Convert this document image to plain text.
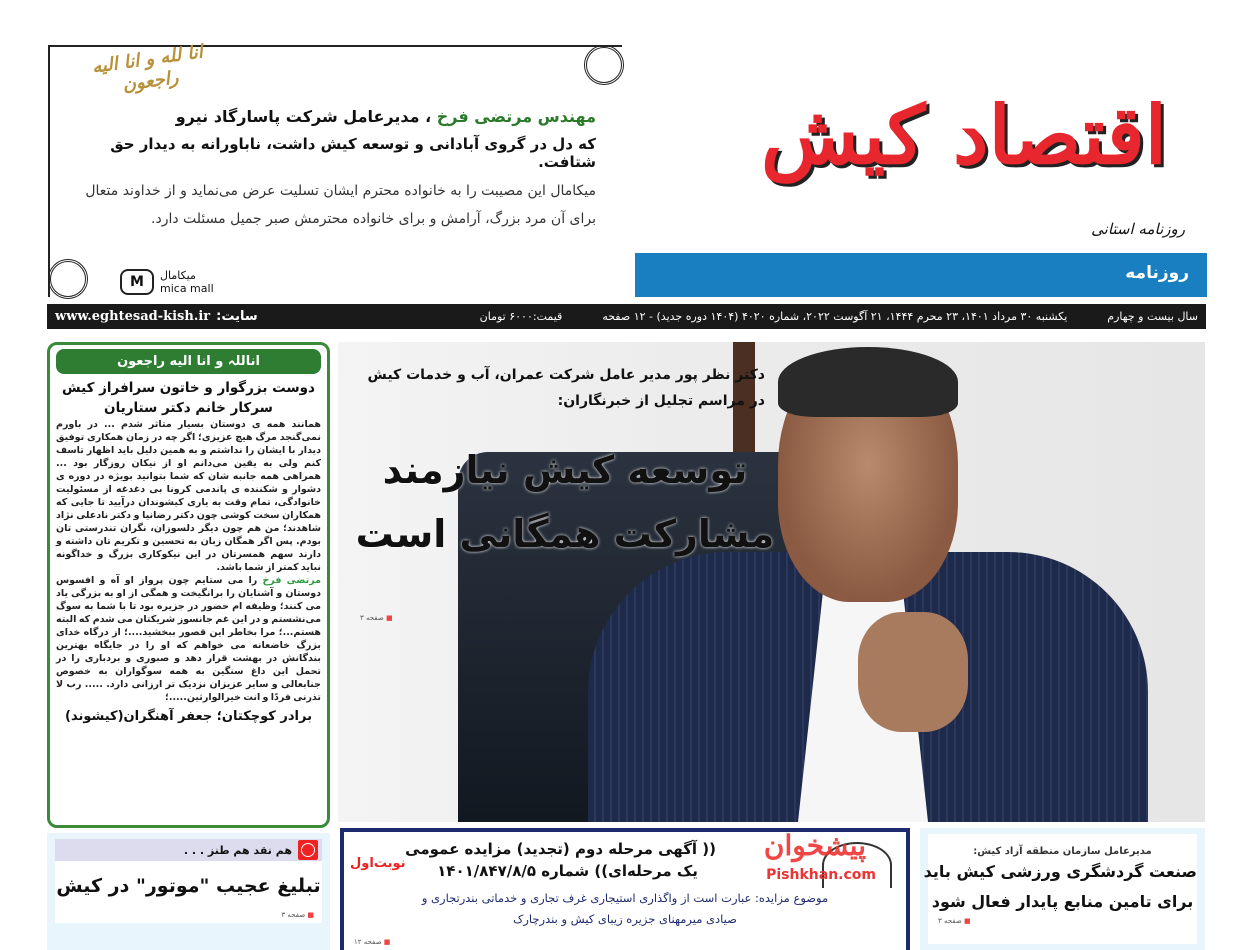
انا لله و انا الیه راجعون
مهندس مرتضی فرخ ، مدیرعامل شرکت پاسارگاد نیرو
که دل در گروی آبادانی و توسعه کیش داشت، ناباورانه به دیدار حق شتافت.
میکامال این مصیبت را به خانواده محترم ایشان تسلیت عرض می‌نماید و از خداوند متعال برای آن مرد بزرگ، آرامش و برای خانواده محترمش صبر جمیل مسئلت دارد.
M	میکامال
mica mall
روزنامه
اقتصاد کیش
روزنامه استانی
سال بیست و چهارم
یکشنبه ۳۰ مرداد ۱۴۰۱، ۲۳ محرم ۱۴۴۴، ۲۱ آگوست ۲۰۲۲، شماره ۴۰۲۰ (۱۴۰۴ دوره جدید) - ۱۲ صفحه
قیمت:۶۰۰۰ تومان
سایت:
www.eghtesad-kish.ir
اناللہ و انا الیه راجعون
دوست بزرگوار و خاتون سرافراز کیش
سرکار خانم دکتر ستاریان

همانند همه ی دوستان بسیار متاثر شدم ... در باورم نمی‌گنجد مرگ هیچ عزیزی؛ اگر چه در زمان همکاری توفیق دیدار با ایشان را نداشتم و به همین دلیل باید اظهار تاسف کنم ولی به یقین می‌دانم او از نیکان روزگار بود ... همراهی همه جانبه شان که شما بتوانید بویژه در دوره ی دشوار و شکننده ی پاندمی کرونا بی دغدغه از مسئولیت خانوادگی، تمام وقت به یاری کیشوندان درآیید تا جایی که همکاران سخت کوشی چون دکتر رضانیا و دکتر نادعلی نژاد شاهدند؛ من هم چون دیگر دلسوزان، نگران تندرستی تان بودم. پس اگر همگان زبان به تحسین و تکریم تان داشته و دارند سهم همسرتان در این نیکوکاری بزرگ و خداگونه نباید کمتر از شما باشد.

مرتضی فرخ را می ستایم چون پرواز او آه و افسوس دوستان و آشنایان را برانگیخت و همگی از او به بزرگی یاد می کنند؛ وظیفه ام حضور در جزیره بود تا با شما به سوگ می‌نشستم و در این غم جانسوز شریکتان می شدم که البته هستم...؛ مرا بخاطر این قصور ببخشید....؛ از درگاه خدای بزرگ خاضعانه می خواهم که او را در جایگاه بهترین بندگانش در بهشت قرار دهد و صبوری و بردباری را در تحمل این داغ سنگین به همه سوگواران به خصوص جنابعالی و سایر عزیزان نزدیک تر ارزانی دارد. ..... رب لا تذرنی فردًا و انت خیرالوارثین.....؛

برادر کوچکتان؛ جعفر آهنگران(کیشوند)
دکتر نظر پور مدیر عامل شرکت عمران، آب و خدمات کیش
در مراسم تجلیل از خبرنگاران:
توسعه کیش نیازمند
مشارکت همگانی است
■ صفحه ۳
هم نقد هم طنز . . .
تبلیغ عجیب "موتور" در کیش
■ صفحه ۳
پیشخوان
Pishkhan.com
(( آگهی مرحله دوم (تجدید) مزایده عمومی
یک مرحله‌ای)) شماره ۱۴۰۱/۸۴۷/۸/۵
نوبت‌اول
موضوع مزایده: عبارت است از واگذاری استیجاری غرف تجاری و خدماتی بندرتجاری و
صیادی میرمهنای جزیره زیبای کیش و بندرچارک
■ صفحه ۱۲
مدیرعامل سازمان منطقه آزاد کیش:
صنعت گردشگری ورزشی کیش باید
برای تامین منابع پایدار فعال شود
■ صفحه ۳
